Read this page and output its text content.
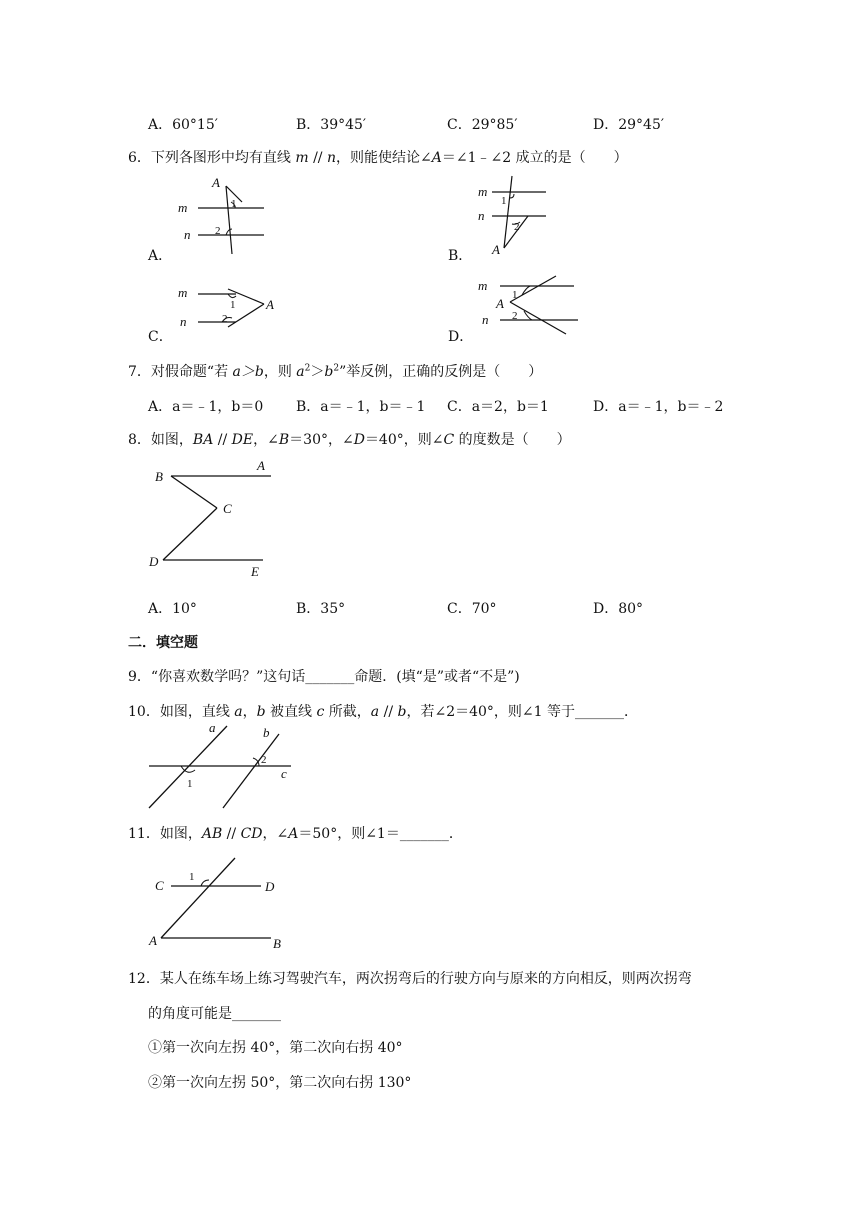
A．60°15′	B．39°45′	C．29°85′	D．29°45′
6．下列各图形中均有直线 m // n，则能使结论∠A＝∠1﹣∠2 成立的是（　　）
A
m
n
1
2
A．
m
n
1
2
A
B．
m
n
1
2
A
C．
m
A
1
2
n
D．
7．对假命题“若 a＞b，则 $a^2>b^2$”举反例，正确的反例是（　　）
A．a＝﹣1，b＝0 B．a＝﹣1，b＝﹣1 C．a＝2，b＝1	D．a＝﹣1，b＝﹣2
8．如图，BA // DE，∠B＝30°，∠D＝40°，则∠C 的度数是（　　）
B
A
C
D
E
A．10°	B．35°	C．70°	D．80°
二．填空题
9．“你喜欢数学吗？”这句话_______命题．(填“是”或者“不是”)
10．如图，直线 a，b 被直线 c 所截，a // b，若∠2＝40°，则∠1 等于_______．
a	b
c
1
2
11．如图，AB // CD，∠A＝50°，则∠1＝_______．
C	D
A	B
1
12．某人在练车场上练习驾驶汽车，两次拐弯后的行驶方向与原来的方向相反，则两次拐弯
的角度可能是_______
①第一次向左拐 40°，第二次向右拐 40°
②第一次向左拐 50°，第二次向右拐 130°
